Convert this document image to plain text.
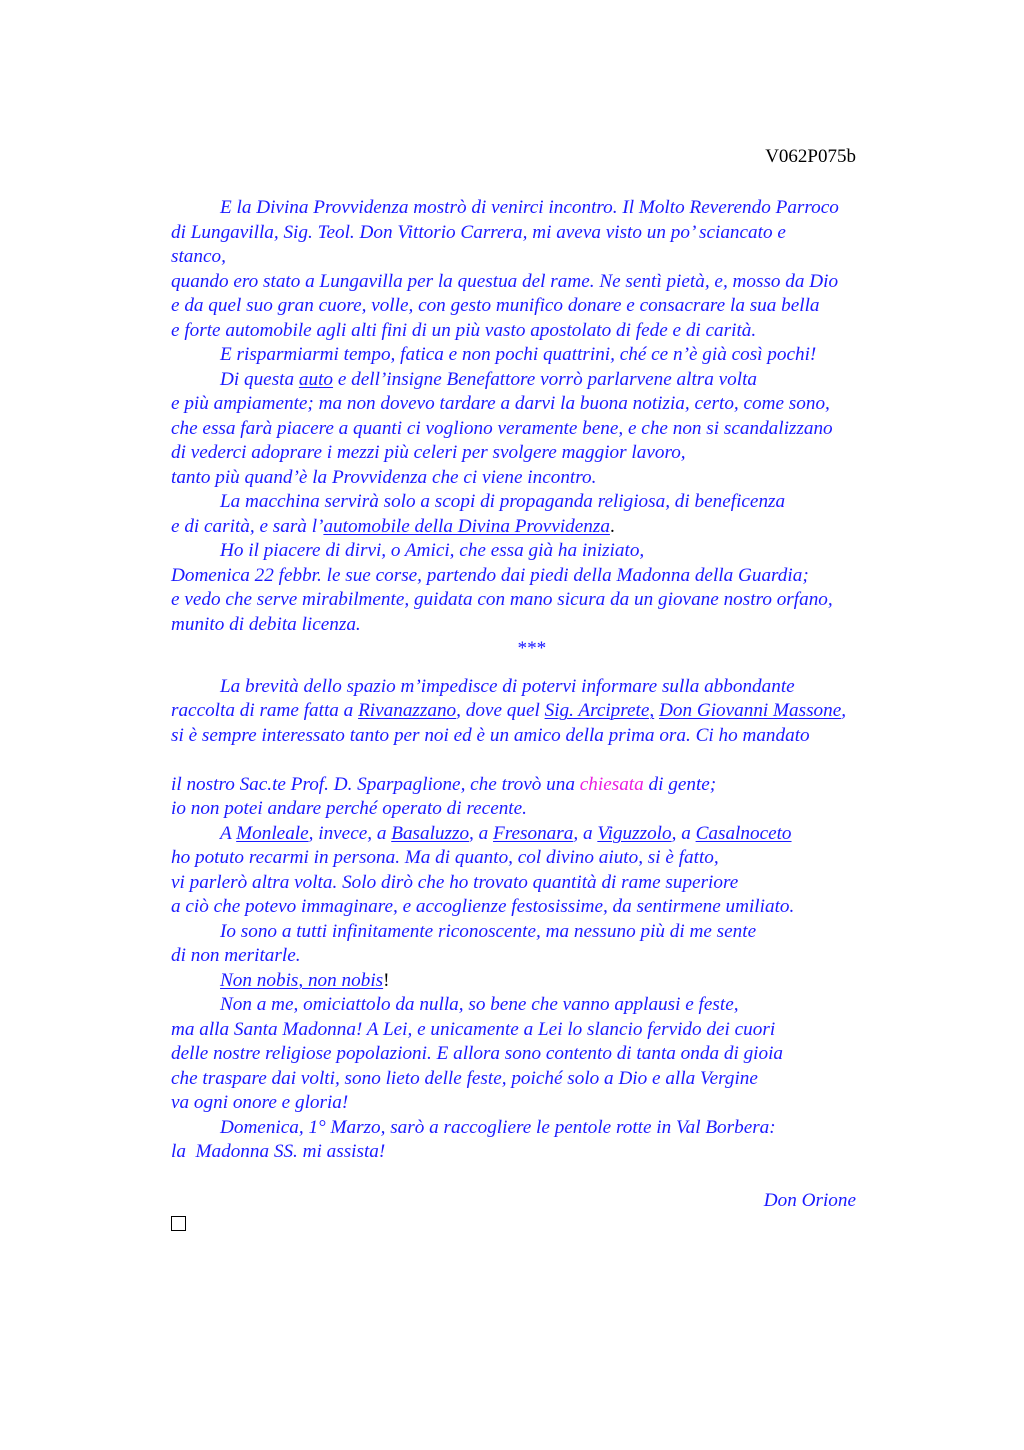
V062P075b
E la Divina Provvidenza mostrò di venirci incontro. Il Molto Reverendo Parroco
di Lungavilla, Sig. Teol. Don Vittorio Carrera, mi aveva visto un po’ sciancato e
stanco,
quando ero stato a Lungavilla per la questua del rame. Ne sentì pietà, e, mosso da Dio
e da quel suo gran cuore, volle, con gesto munifico donare e consacrare la sua bella
e forte automobile agli alti fini di un più vasto apostolato di fede e di carità.
E risparmiarmi tempo, fatica e non pochi quattrini, ché ce n’è già così pochi!
Di questa auto e dell’insigne Benefattore vorrò parlarvene altra volta
e più ampiamente; ma non dovevo tardare a darvi la buona notizia, certo, come sono,
che essa farà piacere a quanti ci vogliono veramente bene, e che non si scandalizzano
di vederci adoprare i mezzi più celeri per svolgere maggior lavoro,
tanto più quand’è la Provvidenza che ci viene incontro.
La macchina servirà solo a scopi di propaganda religiosa, di beneficenza
e di carità, e sarà l’automobile della Divina Provvidenza.
Ho il piacere di dirvi, o Amici, che essa già ha iniziato,
Domenica 22 febbr. le sue corse, partendo dai piedi della Madonna della Guardia;
e vedo che serve mirabilmente, guidata con mano sicura da un giovane nostro orfano,
munito di debita licenza.
***
La brevità dello spazio m’impedisce di potervi informare sulla abbondante
raccolta di rame fatta a Rivanazzano, dove quel Sig. Arciprete, Don Giovanni Massone,
si è sempre interessato tanto per noi ed è un amico della prima ora. Ci ho mandato
il nostro Sac.te Prof. D. Sparpaglione, che trovò una chiesata di gente;
io non potei andare perché operato di recente.
A Monleale, invece, a Basaluzzo, a Fresonara, a Viguzzolo, a Casalnoceto
ho potuto recarmi in persona. Ma di quanto, col divino aiuto, si è fatto,
vi parlerò altra volta. Solo dirò che ho trovato quantità di rame superiore
a ciò che potevo immaginare, e accoglienze festosissime, da sentirmene umiliato.
Io sono a tutti infinitamente riconoscente, ma nessuno più di me sente
di non meritarle.
Non nobis, non nobis!
Non a me, omiciattolo da nulla, so bene che vanno applausi e feste,
ma alla Santa Madonna! A Lei, e unicamente a Lei lo slancio fervido dei cuori
delle nostre religiose popolazioni. E allora sono contento di tanta onda di gioia
che traspare dai volti, sono lieto delle feste, poiché solo a Dio e alla Vergine
va ogni onore e gloria!
Domenica, 1° Marzo, sarò a raccogliere le pentole rotte in Val Borbera:
la  Madonna SS. mi assista!
Don Orione
